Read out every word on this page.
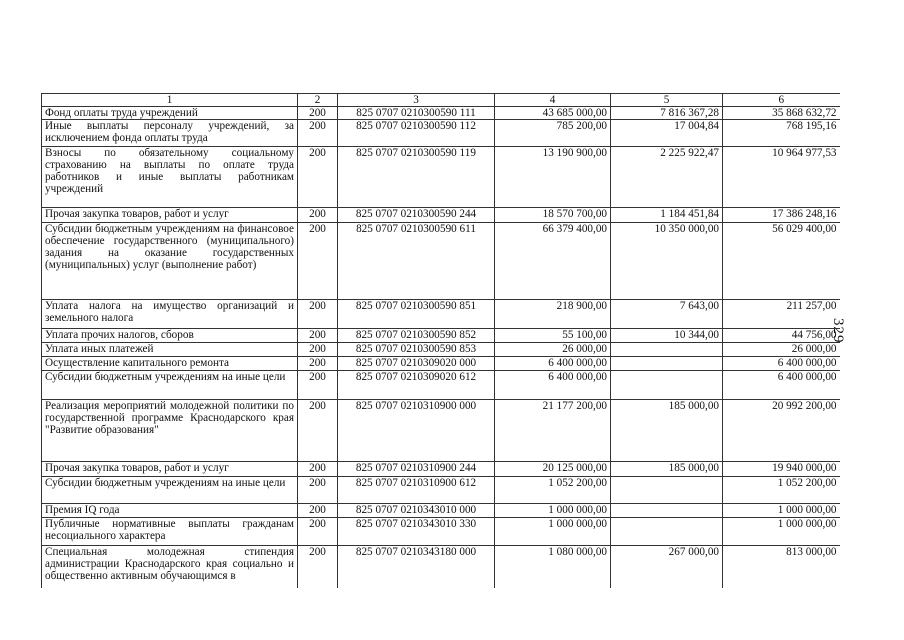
329
1	2	3	4	5	6
Фонд оплаты труда учреждений	200	825 0707 0210300590 111	43 685 000,00	7 816 367,28	35 868 632,72
Иные выплаты персоналу учреждений, за исключением фонда оплаты труда	200	825 0707 0210300590 112	785 200,00	17 004,84	768 195,16
Взносы по обязательному социальному страхованию на выплаты по оплате труда работников и иные выплаты работникам учреждений	200	825 0707 0210300590 119	13 190 900,00	2 225 922,47	10 964 977,53
Прочая закупка товаров, работ и услуг	200	825 0707 0210300590 244	18 570 700,00	1 184 451,84	17 386 248,16
Субсидии бюджетным учреждениям на финансовое обеспечение государственного (муниципального) задания на оказание государственных (муниципальных) услуг (выполнение работ)	200	825 0707 0210300590 611	66 379 400,00	10 350 000,00	56 029 400,00
Уплата налога на имущество организаций и земельного налога	200	825 0707 0210300590 851	218 900,00	7 643,00	211 257,00
Уплата прочих налогов, сборов	200	825 0707 0210300590 852	55 100,00	10 344,00	44 756,00
Уплата иных платежей	200	825 0707 0210300590 853	26 000,00		26 000,00
Осуществление капитального ремонта	200	825 0707 0210309020 000	6 400 000,00		6 400 000,00
Субсидии бюджетным учреждениям на иные цели	200	825 0707 0210309020 612	6 400 000,00		6 400 000,00
Реализация мероприятий молодежной политики по государственной программе Краснодарского края "Развитие образования"	200	825 0707 0210310900 000	21 177 200,00	185 000,00	20 992 200,00
Прочая закупка товаров, работ и услуг	200	825 0707 0210310900 244	20 125 000,00	185 000,00	19 940 000,00
Субсидии бюджетным учреждениям на иные цели	200	825 0707 0210310900 612	1 052 200,00		1 052 200,00
Премия IQ года	200	825 0707 0210343010 000	1 000 000,00		1 000 000,00
Публичные нормативные выплаты гражданам несоциального характера	200	825 0707 0210343010 330	1 000 000,00		1 000 000,00
Специальная молодежная стипендия администрации Краснодарского края социально и общественно активным обучающимся в	200	825 0707 0210343180 000	1 080 000,00	267 000,00	813 000,00
